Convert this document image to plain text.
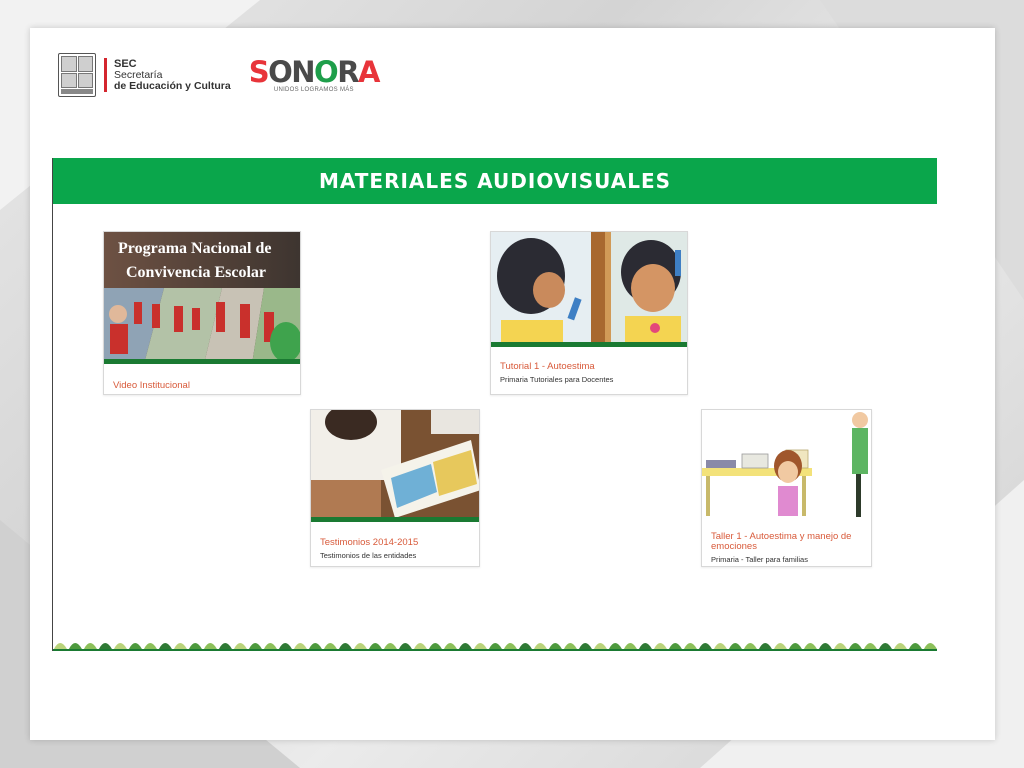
SEC
Secretaría
de Educación y Cultura SONORA
UNIDOS LOGRAMOS MÁS
MATERIALES AUDIOVISUALES
Programa Nacional de
Convivencia Escolar
Video Institucional
Tutorial 1 - Autoestima
Primaria Tutoriales para Docentes
Testimonios 2014-2015
Testimonios de las entidades
Taller 1 - Autoestima y manejo de emociones
Primaria - Taller para familias
